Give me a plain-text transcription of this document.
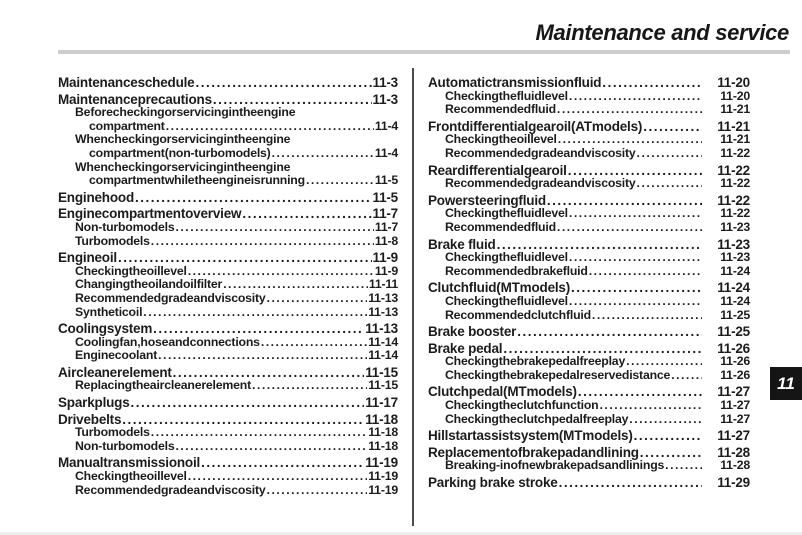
Maintenance and service
Maintenanceschedule .....	11-3
Maintenanceprecautions .....	11-3
Beforecheckingorservicingintheengine
compartment .....	11-4
Whencheckingorservicingintheengine
compartment(non-turbomodels) .....	11-4
Whencheckingorservicingintheengine
compartmentwhiletheengineisrunning .....	11-5
Enginehood .....	11-5
Enginecompartmentoverview .....	11-7
Non-turbomodels .....	11-7
Turbomodels .....	11-8
Engineoil .....	11-9
Checkingtheoillevel .....	11-9
Changingtheoilandoilfilter .....	11-11
Recommendedgradeandviscosity .....	11-13
Syntheticoil .....	11-13
Coolingsystem .....	11-13
Coolingfan,hoseandconnections .....	11-14
Enginecoolant .....	11-14
Aircleanerelement .....	11-15
Replacingtheaircleanerelement .....	11-15
Sparkplugs .....	11-17
Drivebelts .....	11-18
Turbomodels .....	11-18
Non-turbomodels .....	11-18
Manualtransmissionoil .....	11-19
Checkingtheoillevel .....	11-19
Recommendedgradeandviscosity .....	11-19
Automatictransmissionfluid .....	11-20
Checkingthefluidlevel .....	11-20
Recommendedfluid .....	11-21
Frontdifferentialgearoil(ATmodels) .....	11-21
Checkingtheoillevel .....	11-21
Recommendedgradeandviscosity .....	11-22
Reardifferentialgearoil .....	11-22
Recommendedgradeandviscosity .....	11-22
Powersteeringfluid .....	11-22
Checkingthefluidlevel .....	11-22
Recommendedfluid .....	11-23
Brake fluid .....	11-23
Checkingthefluidlevel .....	11-23
Recommendedbrakefluid .....	11-24
Clutchfluid(MTmodels) .....	11-24
Checkingthefluidlevel .....	11-24
Recommendedclutchfluid .....	11-25
Brake booster .....	11-25
Brake pedal .....	11-26
Checkingthebrakepedalfreeplay .....	11-26
Checkingthebrakepedalreservedistance .....	11-26
Clutchpedal(MTmodels) .....	11-27
Checkingtheclutchfunction .....	11-27
Checkingtheclutchpedalfreeplay .....	11-27
Hillstartassistsystem(MTmodels) .....	11-27
Replacementofbrakepadandlining .....	11-28
Breaking-inofnewbrakepadsandlinings .....	11-28
Parking brake stroke .....	11-29
11
